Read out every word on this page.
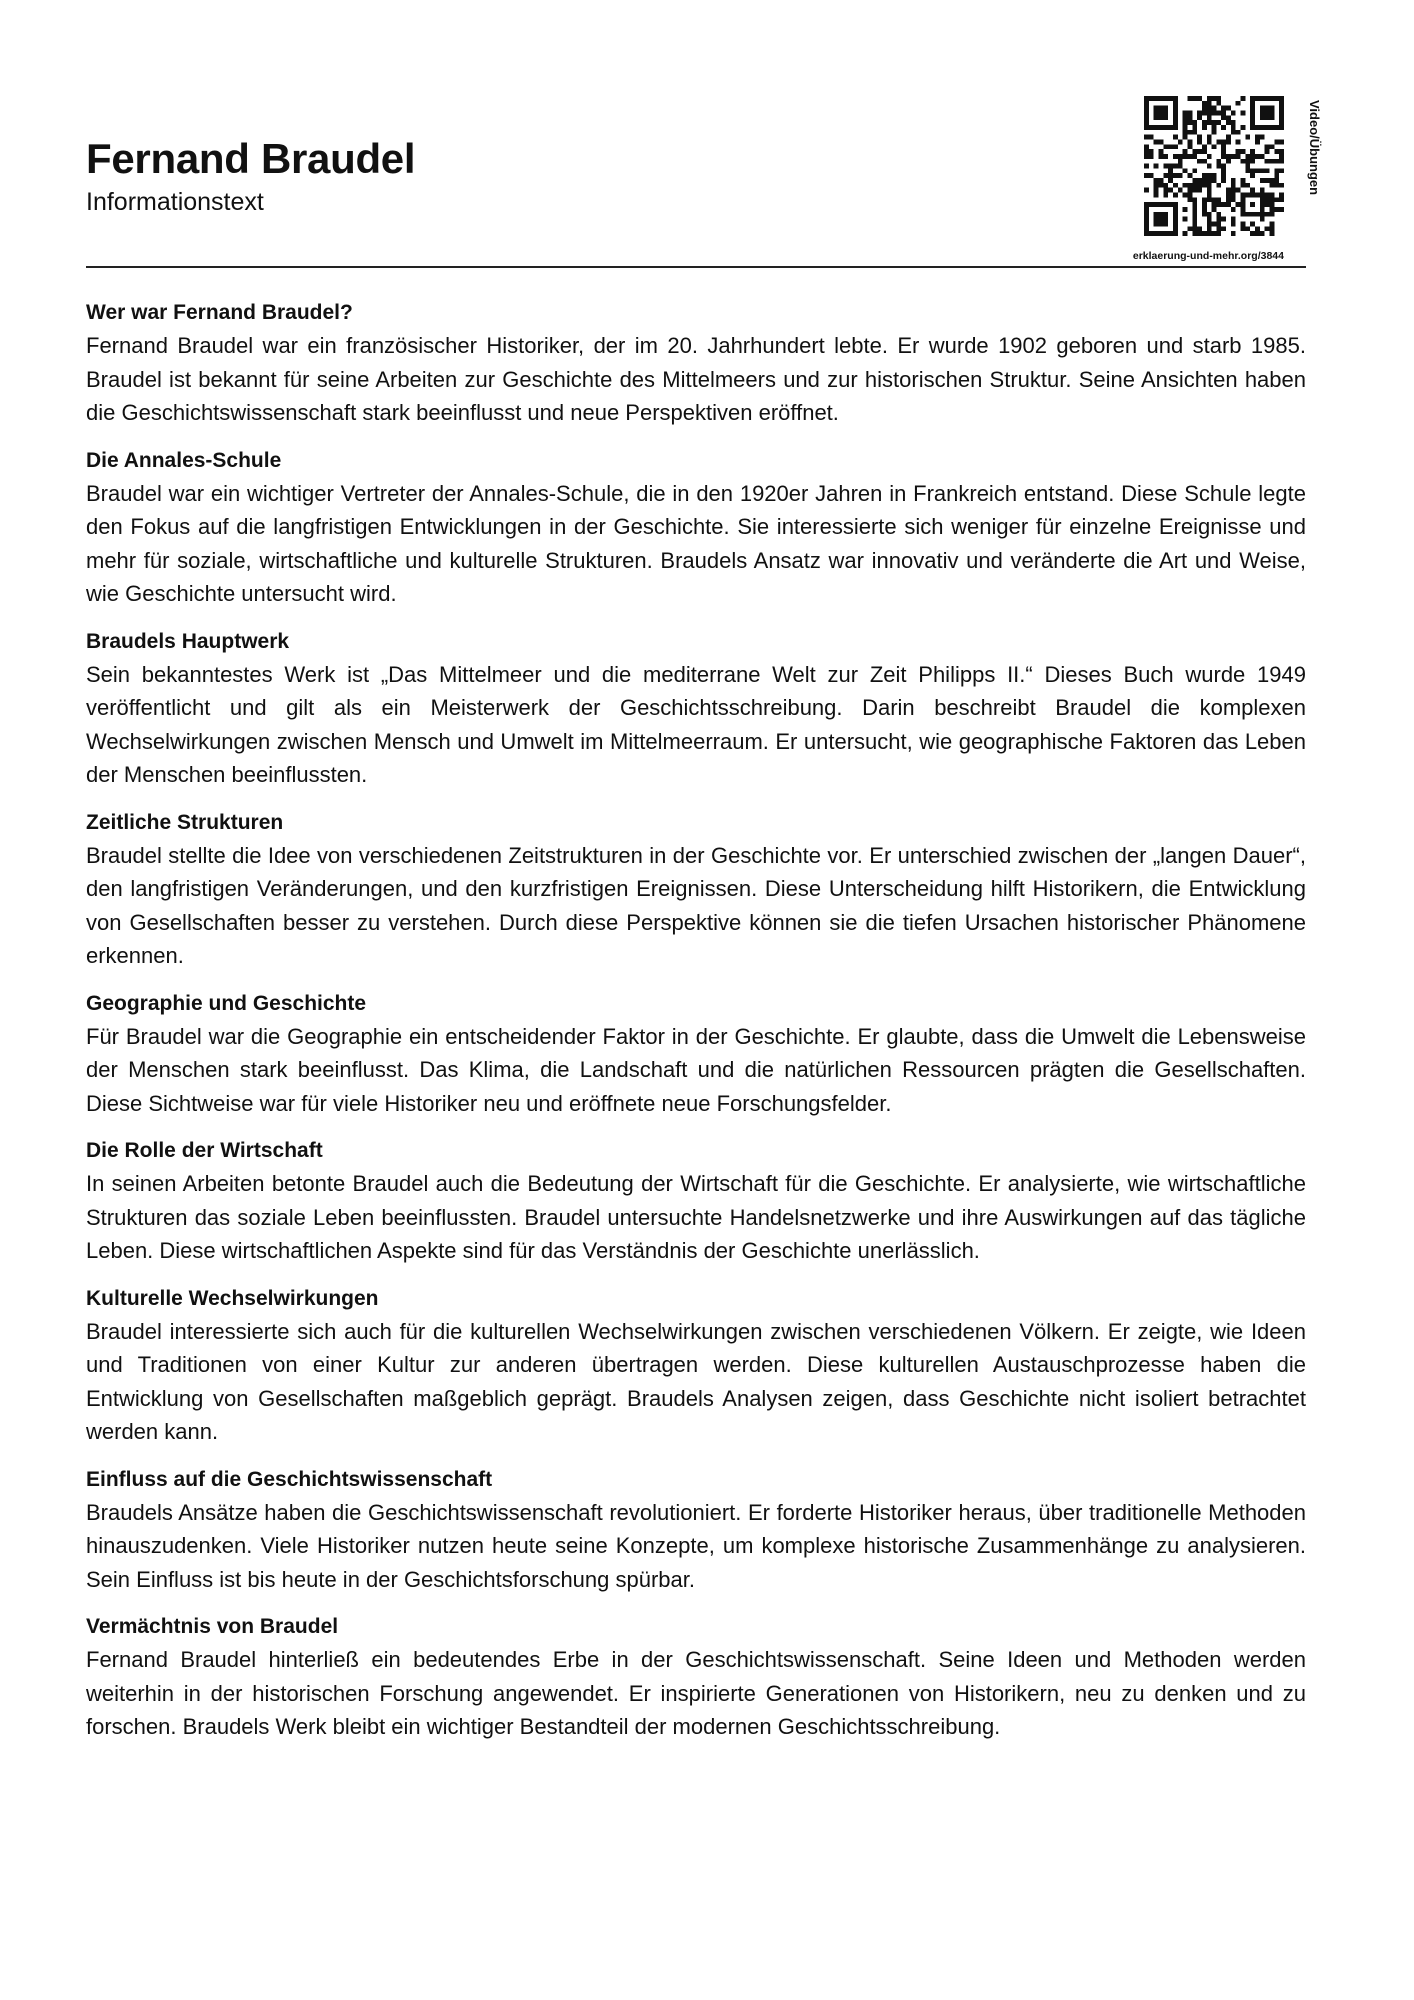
Fernand Braudel
Informationstext
Video/Übungen
erklaerung-und-mehr.org/3844
Wer war Fernand Braudel?

Fernand Braudel war ein französischer Historiker, der im 20. Jahrhundert lebte. Er wurde 1902 geboren und starb 1985. Braudel ist bekannt für seine Arbeiten zur Geschichte des Mittelmeers und zur historischen Struktur. Seine Ansichten haben die Geschichtswissenschaft stark beeinflusst und neue Perspektiven eröffnet.

Die Annales-Schule

Braudel war ein wichtiger Vertreter der Annales-Schule, die in den 1920er Jahren in Frankreich entstand. Diese Schule legte den Fokus auf die langfristigen Entwicklungen in der Geschichte. Sie interessierte sich weniger für einzelne Ereignisse und mehr für soziale, wirtschaftliche und kulturelle Strukturen. Braudels Ansatz war innovativ und veränderte die Art und Weise, wie Geschichte untersucht wird.

Braudels Hauptwerk

Sein bekanntestes Werk ist „Das Mittelmeer und die mediterrane Welt zur Zeit Philipps II.“ Dieses Buch wurde 1949 veröffentlicht und gilt als ein Meisterwerk der Geschichtsschreibung. Darin beschreibt Braudel die komplexen Wechselwirkungen zwischen Mensch und Umwelt im Mittelmeerraum. Er untersucht, wie geographische Faktoren das Leben der Menschen beeinflussten.

Zeitliche Strukturen

Braudel stellte die Idee von verschiedenen Zeitstrukturen in der Geschichte vor. Er unterschied zwischen der „langen Dauer“, den langfristigen Veränderungen, und den kurzfristigen Ereignissen. Diese Unterscheidung hilft Historikern, die Entwicklung von Gesellschaften besser zu verstehen. Durch diese Perspektive können sie die tiefen Ursachen historischer Phänomene erkennen.

Geographie und Geschichte

Für Braudel war die Geographie ein entscheidender Faktor in der Geschichte. Er glaubte, dass die Umwelt die Lebensweise der Menschen stark beeinflusst. Das Klima, die Landschaft und die natürlichen Ressourcen prägten die Gesellschaften. Diese Sichtweise war für viele Historiker neu und eröffnete neue Forschungsfelder.

Die Rolle der Wirtschaft

In seinen Arbeiten betonte Braudel auch die Bedeutung der Wirtschaft für die Geschichte. Er analysierte, wie wirtschaftliche Strukturen das soziale Leben beeinflussten. Braudel untersuchte Handelsnetzwerke und ihre Auswirkungen auf das tägliche Leben. Diese wirtschaftlichen Aspekte sind für das Verständnis der Geschichte unerlässlich.

Kulturelle Wechselwirkungen

Braudel interessierte sich auch für die kulturellen Wechselwirkungen zwischen verschiedenen Völkern. Er zeigte, wie Ideen und Traditionen von einer Kultur zur anderen übertragen werden. Diese kulturellen Austauschprozesse haben die Entwicklung von Gesellschaften maßgeblich geprägt. Braudels Analysen zeigen, dass Geschichte nicht isoliert betrachtet werden kann.

Einfluss auf die Geschichtswissenschaft

Braudels Ansätze haben die Geschichtswissenschaft revolutioniert. Er forderte Historiker heraus, über traditionelle Methoden hinauszudenken. Viele Historiker nutzen heute seine Konzepte, um komplexe historische Zusammenhänge zu analysieren. Sein Einfluss ist bis heute in der Geschichtsforschung spürbar.

Vermächtnis von Braudel

Fernand Braudel hinterließ ein bedeutendes Erbe in der Geschichtswissenschaft. Seine Ideen und Methoden werden weiterhin in der historischen Forschung angewendet. Er inspirierte Generationen von Historikern, neu zu denken und zu forschen. Braudels Werk bleibt ein wichtiger Bestandteil der modernen Geschichtsschreibung.
